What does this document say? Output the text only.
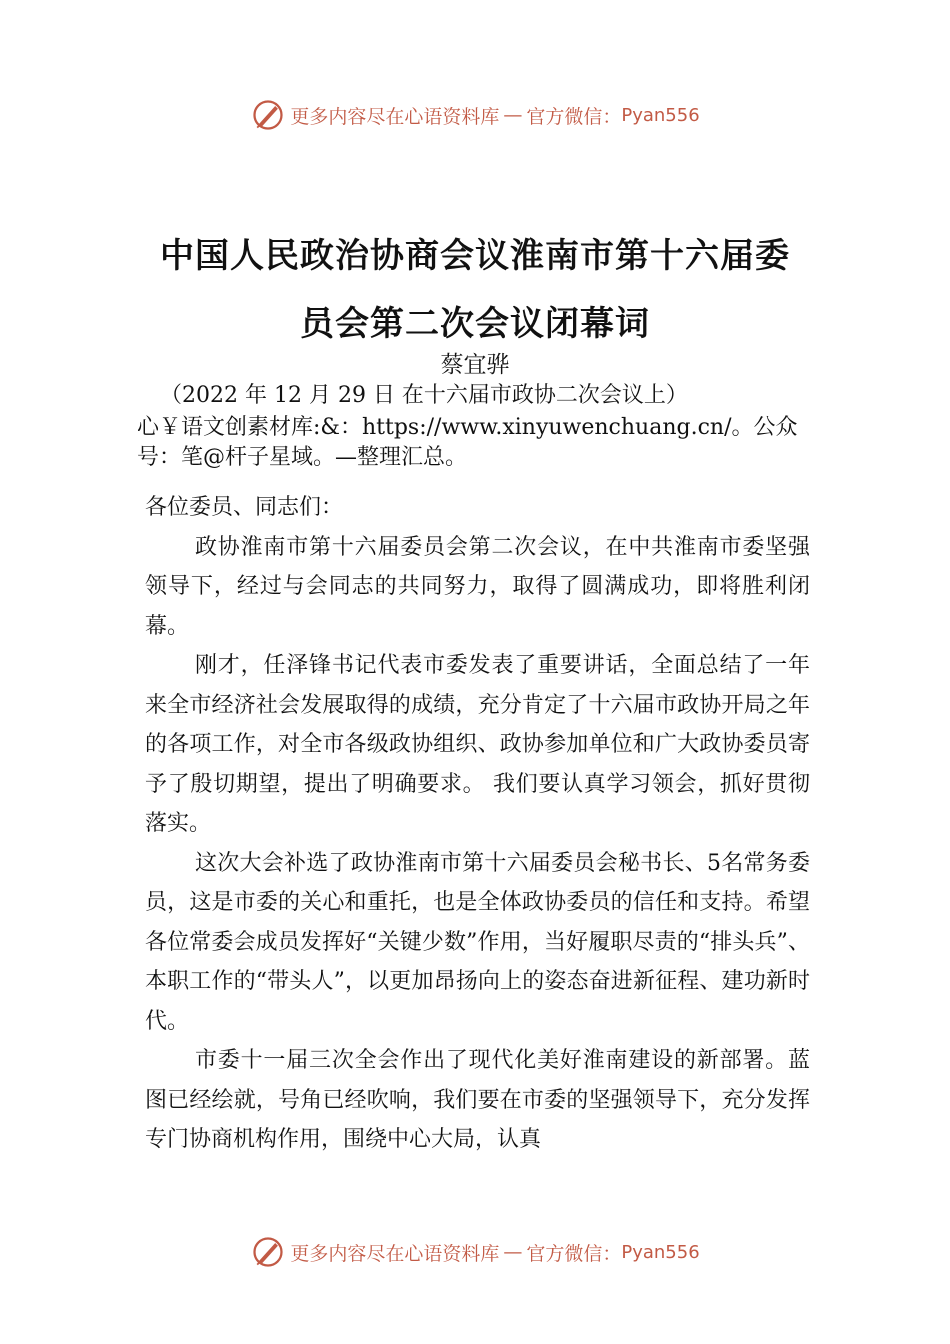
更多内容尽在心语资料库 — 官方微信： Pyan556
中国人民政治协商会议淮南市第十六届委员会第二次会议闭幕词
蔡宜骅
（2022 年 12 月 29 日 在十六届市政协二次会议上）
心￥语文创素材库:&：https://www.xinyuwenchuang.cn/。公众号：笔@杆子星域。—整理汇总。

各位委员、同志们：

政协淮南市第十六届委员会第二次会议，在中共淮南市委坚强领导下，经过与会同志的共同努力，取得了圆满成功，即将胜利闭幕。

刚才，任泽锋书记代表市委发表了重要讲话，全面总结了一年来全市经济社会发展取得的成绩，充分肯定了十六届市政协开局之年的各项工作，对全市各级政协组织、政协参加单位和广大政协委员寄予了殷切期望，提出了明确要求。 我们要认真学习领会，抓好贯彻落实。

这次大会补选了政协淮南市第十六届委员会秘书长、5名常务委员，这是市委的关心和重托，也是全体政协委员的信任和支持。希望各位常委会成员发挥好“关键少数”作用，当好履职尽责的“排头兵”、本职工作的“带头人”，以更加昂扬向上的姿态奋进新征程、建功新时代。

市委十一届三次全会作出了现代化美好淮南建设的新部署。蓝图已经绘就，号角已经吹响，我们要在市委的坚强领导下，充分发挥专门协商机构作用，围绕中心大局，认真

更多内容尽在心语资料库 — 官方微信： Pyan556
